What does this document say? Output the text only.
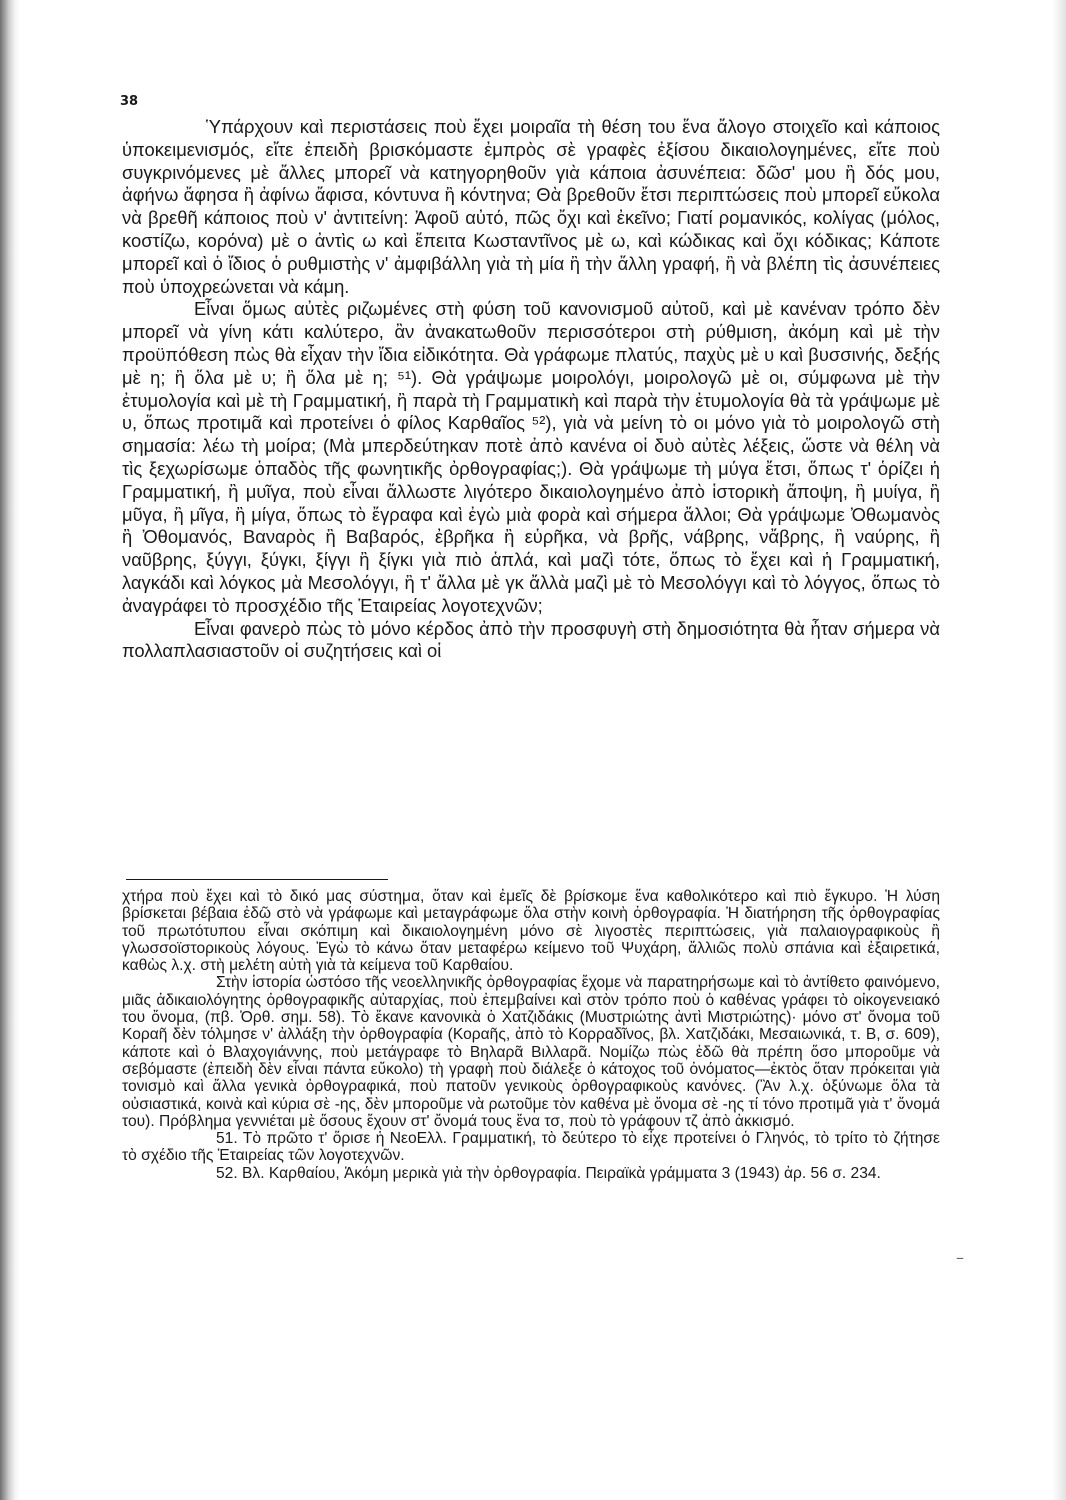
38

Ὑπάρχουν καὶ περιστάσεις ποὺ ἔχει μοιραῖα τὴ θέση του ἕνα ἄλογο στοιχεῖο καὶ κάποιος ὑποκειμενισμός, εἴτε ἐπειδὴ βρισκόμαστε ἐμπρὸς σὲ γραφὲς ἐξίσου δικαιολογημένες, εἴτε ποὺ συγκρινόμενες μὲ ἄλλες μπορεῖ νὰ κατηγορηθοῦν γιὰ κάποια ἀσυνέπεια: δῶσ' μου ἢ δός μου, ἀφήνω ἄφησα ἢ ἀφίνω ἄφισα, κόντυνα ἢ κόντηνα; Θὰ βρεθοῦν ἔτσι περιπτώσεις ποὺ μπορεῖ εὔκολα νὰ βρεθῆ κάποιος ποὺ ν' ἀντιτείνη: Ἀφοῦ αὐτό, πῶς ὄχι καὶ ἐκεῖνο; Γιατί ρομανικός, κολίγας (μόλος, κοστίζω, κορόνα) μὲ ο ἀντὶς ω καὶ ἔπειτα Κωσταντῖνος μὲ ω, καὶ κώδικας καὶ ὄχι κόδικας; Κάποτε μπορεῖ καὶ ὁ ἴδιος ὁ ρυθμιστὴς ν' ἀμφιβάλλη γιὰ τὴ μία ἢ τὴν ἄλλη γραφή, ἢ νὰ βλέπη τὶς ἀσυνέπειες ποὺ ὑποχρεώνεται νὰ κάμη.

Εἶναι ὅμως αὐτὲς ριζωμένες στὴ φύση τοῦ κανονισμοῦ αὐτοῦ, καὶ μὲ κανέναν τρόπο δὲν μπορεῖ νὰ γίνη κάτι καλύτερο, ἂν ἀνακατωθοῦν περισσότεροι στὴ ρύθμιση, ἀκόμη καὶ μὲ τὴν προϋπόθεση πὼς θὰ εἶχαν τὴν ἴδια εἰδικότητα. Θὰ γράφωμε πλατύς, παχὺς μὲ υ καὶ βυσσινής, δεξής μὲ η; ἢ ὅλα μὲ υ; ἢ ὅλα μὲ η; ⁵¹). Θὰ γράψωμε μοιρολόγι, μοιρολογῶ μὲ οι, σύμφωνα μὲ τὴν ἐτυμολογία καὶ μὲ τὴ Γραμματική, ἢ παρὰ τὴ Γραμματικὴ καὶ παρὰ τὴν ἐτυμολογία θὰ τὰ γράψωμε μὲ υ, ὅπως προτιμᾶ καὶ προτείνει ὁ φίλος Καρθαῖος ⁵²), γιὰ νὰ μείνη τὸ οι μόνο γιὰ τὸ μοιρολογῶ στὴ σημασία: λέω τὴ μοίρα; (Μὰ μπερδεύτηκαν ποτὲ ἀπὸ κανένα οἱ δυὸ αὐτὲς λέξεις, ὥστε νὰ θέλη νὰ τὶς ξεχωρίσωμε ὁπαδὸς τῆς φωνητικῆς ὀρθογραφίας;). Θὰ γράψωμε τὴ μύγα ἔτσι, ὅπως τ' ὁρίζει ἡ Γραμματική, ἢ μυῖγα, ποὺ εἶναι ἄλλωστε λιγότερο δικαιολογημένο ἀπὸ ἱστορικὴ ἄποψη, ἢ μυίγα, ἢ μῦγα, ἢ μῖγα, ἢ μίγα, ὅπως τὸ ἔγραφα καὶ ἐγὼ μιὰ φορὰ καὶ σήμερα ἄλλοι; Θὰ γράψωμε Ὀθωμανὸς ἢ Ὀθομανός, Βαναρὸς ἢ Βαβαρός, ἐβρῆκα ἢ εὑρῆκα, νὰ βρῆς, νάβρης, νἄβρης, ἢ ναύρης, ἢ ναῦβρης, ξύγγι, ξύγκι, ξίγγι ἢ ξίγκι γιὰ πιὸ ἁπλά, καὶ μαζὶ τότε, ὅπως τὸ ἔχει καὶ ἡ Γραμματική, λαγκάδι καὶ λόγκος μὰ Μεσολόγγι, ἢ τ' ἄλλα μὲ γκ ἄλλὰ μαζὶ μὲ τὸ Μεσολόγγι καὶ τὸ λόγγος, ὅπως τὸ ἀναγράφει τὸ προσχέδιο τῆς Ἑταιρείας λογοτεχνῶν;

Εἶναι φανερὸ πὼς τὸ μόνο κέρδος ἀπὸ τὴν προσφυγὴ στὴ δημοσιότητα θὰ ἦταν σήμερα νὰ πολλαπλασιαστοῦν οἱ συζητήσεις καὶ οἱ

χτήρα ποὺ ἔχει καὶ τὸ δικό μας σύστημα, ὅταν καὶ ἐμεῖς δὲ βρίσκομε ἕνα καθολικότερο καὶ πιὸ ἔγκυρο. Ἡ λύση βρίσκεται βέβαια ἐδῶ στὸ νὰ γράφωμε καὶ μεταγράφωμε ὅλα στὴν κοινὴ ὀρθογραφία. Ἡ διατήρηση τῆς ὀρθογραφίας τοῦ πρωτότυπου εἶναι σκόπιμη καὶ δικαιολογημένη μόνο σὲ λιγοστὲς περιπτώσεις, γιὰ παλαιογραφικοὺς ἢ γλωσσοϊστορικοὺς λόγους. Ἐγὼ τὸ κάνω ὅταν μεταφέρω κείμενο τοῦ Ψυχάρη, ἄλλιῶς πολὺ σπάνια καὶ ἐξαιρετικά, καθὼς λ.χ. στὴ μελέτη αὐτὴ γιὰ τὰ κείμενα τοῦ Καρθαίου.

Στὴν ἱστορία ὡστόσο τῆς νεοελληνικῆς ὀρθογραφίας ἔχομε νὰ παρατηρήσωμε καὶ τὸ ἀντίθετο φαινόμενο, μιᾶς ἀδικαιολόγητης ὀρθογραφικῆς αὐταρχίας, ποὺ ἐπεμβαίνει καὶ στὸν τρόπο ποὺ ὁ καθένας γράφει τὸ οἰκογενειακό του ὄνομα, (πβ. Ὀρθ. σημ. 58). Τὸ ἔκανε κανονικὰ ὁ Χατζιδάκις (Μυστριώτης ἀντὶ Μιστριώτης)· μόνο στ' ὄνομα τοῦ Κοραῆ δὲν τόλμησε ν' ἀλλάξη τὴν ὀρθογραφία (Κοραῆς, ἀπὸ τὸ Κορραδῖνος, βλ. Χατζιδάκι, Μεσαιωνικά, τ. Β, σ. 609), κάποτε καὶ ὁ Βλαχογιάννης, ποὺ μετάγραφε τὸ Βηλαρᾶ Βιλλαρᾶ. Νομίζω πὼς ἐδῶ θὰ πρέπη ὅσο μποροῦμε νὰ σεβόμαστε (ἐπειδὴ δὲν εἶναι πάντα εὔκολο) τὴ γραφὴ ποὺ διάλεξε ὁ κάτοχος τοῦ ὀνόματος—ἐκτὸς ὅταν πρόκειται γιὰ τονισμὸ καὶ ἄλλα γενικὰ ὀρθογραφικά, ποὺ πατοῦν γενικοὺς ὀρθογραφικοὺς κανόνες. (Ἂν λ.χ. ὀξύνωμε ὅλα τὰ οὐσιαστικά, κοινὰ καὶ κύρια σὲ -ης, δὲν μποροῦμε νὰ ρωτοῦμε τὸν καθένα μὲ ὄνομα σὲ -ης τί τόνο προτιμᾶ γιὰ τ' ὄνομά του). Πρόβλημα γεννιέται μὲ ὅσους ἔχουν στ' ὄνομά τους ἕνα τσ, ποὺ τὸ γράφουν τζ ἀπὸ ἀκκισμό.

51. Τὸ πρῶτο τ' ὅρισε ἡ ΝεοΕλλ. Γραμματική, τὸ δεύτερο τὸ εἶχε προτείνει ὁ Γληνός, τὸ τρίτο τὸ ζήτησε τὸ σχέδιο τῆς Ἑταιρείας τῶν λογοτεχνῶν.

52. Βλ. Καρθαίου, Ἀκόμη μερικὰ γιὰ τὴν ὀρθογραφία. Πειραϊκὰ γράμματα 3 (1943) ἀρ. 56 σ. 234.

–
